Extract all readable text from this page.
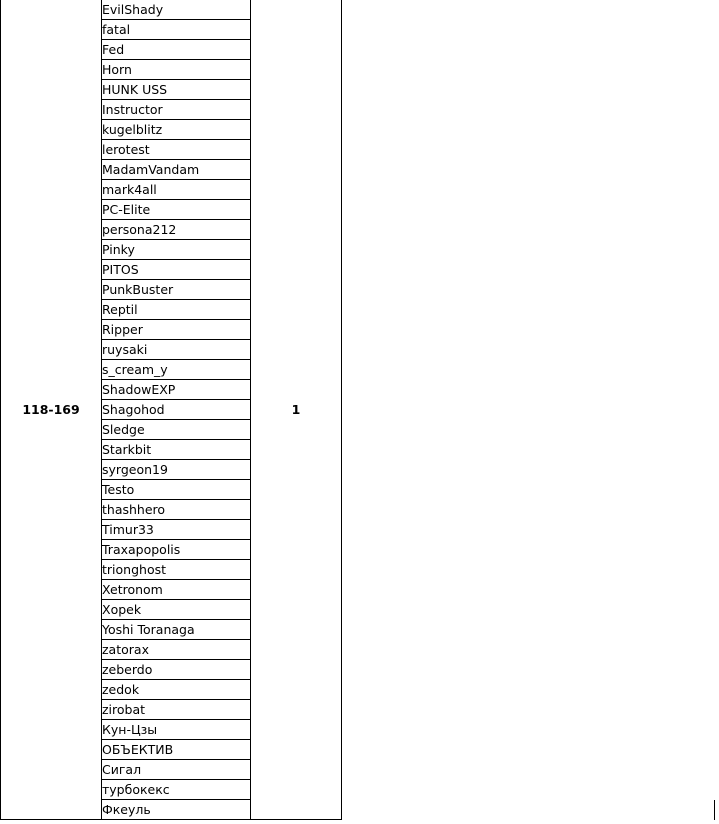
118-169	EvilShady	1
fatal
Fed
Horn
HUNK USS
Instructor
kugelblitz
lerotest
MadamVandam
mark4all
PC-Elite
persona212
Pinky
PITOS
PunkBuster
Reptil
Ripper
ruysaki
s_cream_y
ShadowEXP
Shagohod
Sledge
Starkbit
syrgeon19
Testo
thashhero
Timur33
Traxapopolis
trionghost
Xetronom
Xopek
Yoshi Toranaga
zatorax
zeberdo
zedok
zirobat
Кун-Цзы
ОБЪЕКТИВ
Сигал
турбокекс
Фкеуль
